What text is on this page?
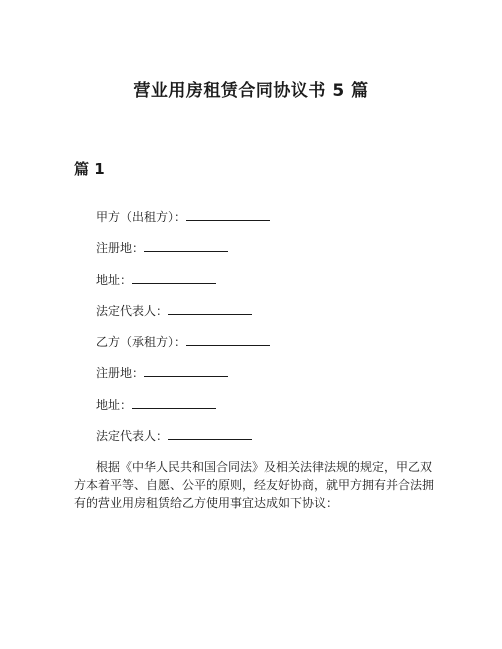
营业用房租赁合同协议书 5 篇
篇 1
甲方（出租方）：
注册地：
地址：
法定代表人：
乙方（承租方）：
注册地：
地址：
法定代表人：

根据《中华人民共和国合同法》及相关法律法规的规定，甲乙双方本着平等、自愿、公平的原则，经友好协商，就甲方拥有并合法拥有的营业用房租赁给乙方使用事宜达成如下协议：
